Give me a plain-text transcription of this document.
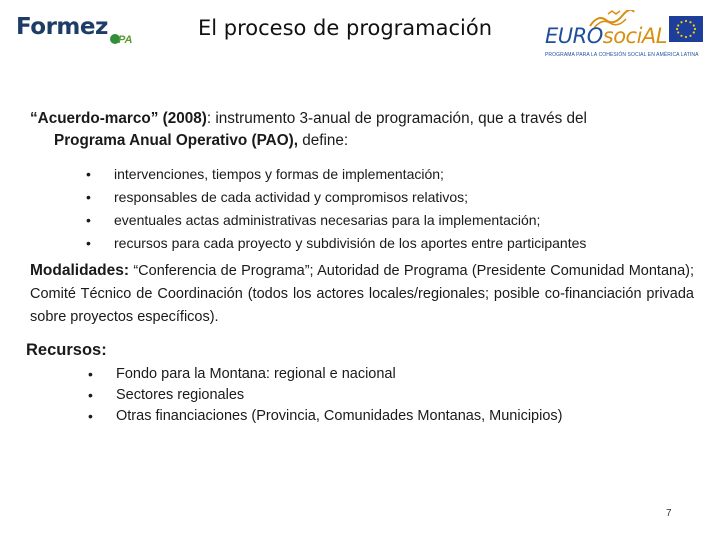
Formez PA	El proceso de programación	EUROsociAL
PROGRAMA PARA LA COHESIÓN SOCIAL EN AMÉRICA LATINA
“Acuerdo-marco” (2008): instrumento 3-anual de programación, que a través del
Programa Anual Operativo (PAO), define:
• intervenciones, tiempos y formas de implementación;
• responsables de cada actividad y compromisos relativos;
• eventuales actas administrativas necesarias para la implementación;
• recursos para cada proyecto y subdivisión de los aportes entre participantes
Modalidades: “Conferencia de Programa”; Autoridad de Programa (Presidente Comunidad Montana); Comité Técnico de Coordinación (todos los actores locales/regionales; posible co-financiación privada sobre proyectos específicos).
Recursos:
• Fondo para la Montana: regional e nacional
• Sectores regionales
• Otras financiaciones (Provincia, Comunidades Montanas, Municipios)
7
